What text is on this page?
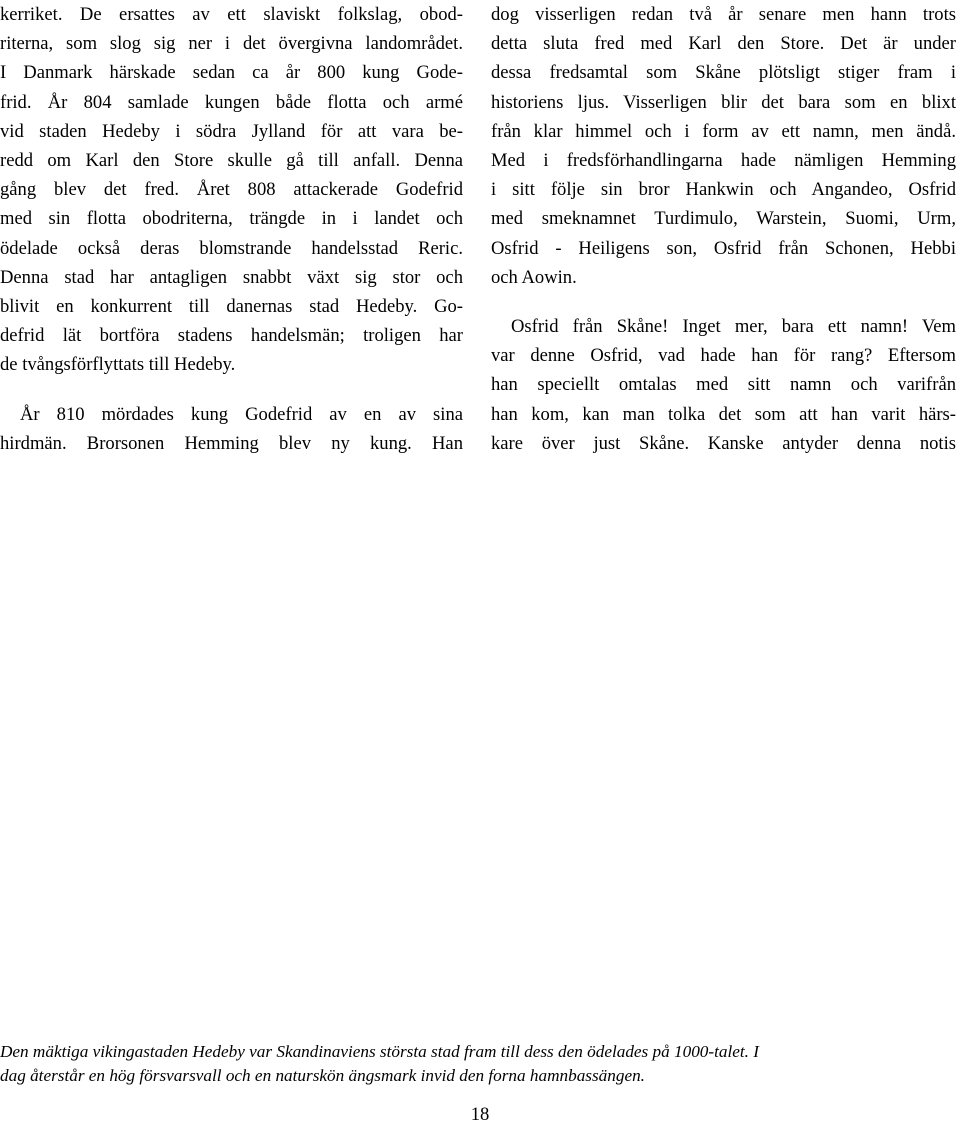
kerriket. De ersattes av ett slaviskt folkslag, obod-
riterna, som slog sig ner i det övergivna landområdet.
I Danmark härskade sedan ca år 800 kung Gode-
frid. År 804 samlade kungen både flotta och armé
vid staden Hedeby i södra Jylland för att vara be-
redd om Karl den Store skulle gå till anfall. Denna
gång blev det fred. Året 808 attackerade Godefrid
med sin flotta obodriterna, trängde in i landet och
ödelade också deras blomstrande handelsstad Reric.
Denna stad har antagligen snabbt växt sig stor och
blivit en konkurrent till danernas stad Hedeby. Go-
defrid lät bortföra stadens handelsmän; troligen har
de tvångsförflyttats till Hedeby.
År 810 mördades kung Godefrid av en av sina
hirdmän. Brorsonen Hemming blev ny kung. Han
dog visserligen redan två år senare men hann trots
detta sluta fred med Karl den Store. Det är under
dessa fredsamtal som Skåne plötsligt stiger fram i
historiens ljus. Visserligen blir det bara som en blixt
från klar himmel och i form av ett namn, men ändå.
Med i fredsförhandlingarna hade nämligen Hemming
i sitt följe sin bror Hankwin och Angandeo, Osfrid
med smeknamnet Turdimulo, Warstein, Suomi, Urm,
Osfrid - Heiligens son, Osfrid från Schonen, Hebbi
och Aowin.
Osfrid från Skåne! Inget mer, bara ett namn! Vem
var denne Osfrid, vad hade han för rang? Eftersom
han speciellt omtalas med sitt namn och varifrån
han kom, kan man tolka det som att han varit härs-
kare över just Skåne. Kanske antyder denna notis
Den mäktiga vikingastaden Hedeby var Skandinaviens största stad fram till dess den ödelades på 1000-talet. I
dag återstår en hög försvarsvall och en naturskön ängsmark invid den forna hamnbassängen.
18
